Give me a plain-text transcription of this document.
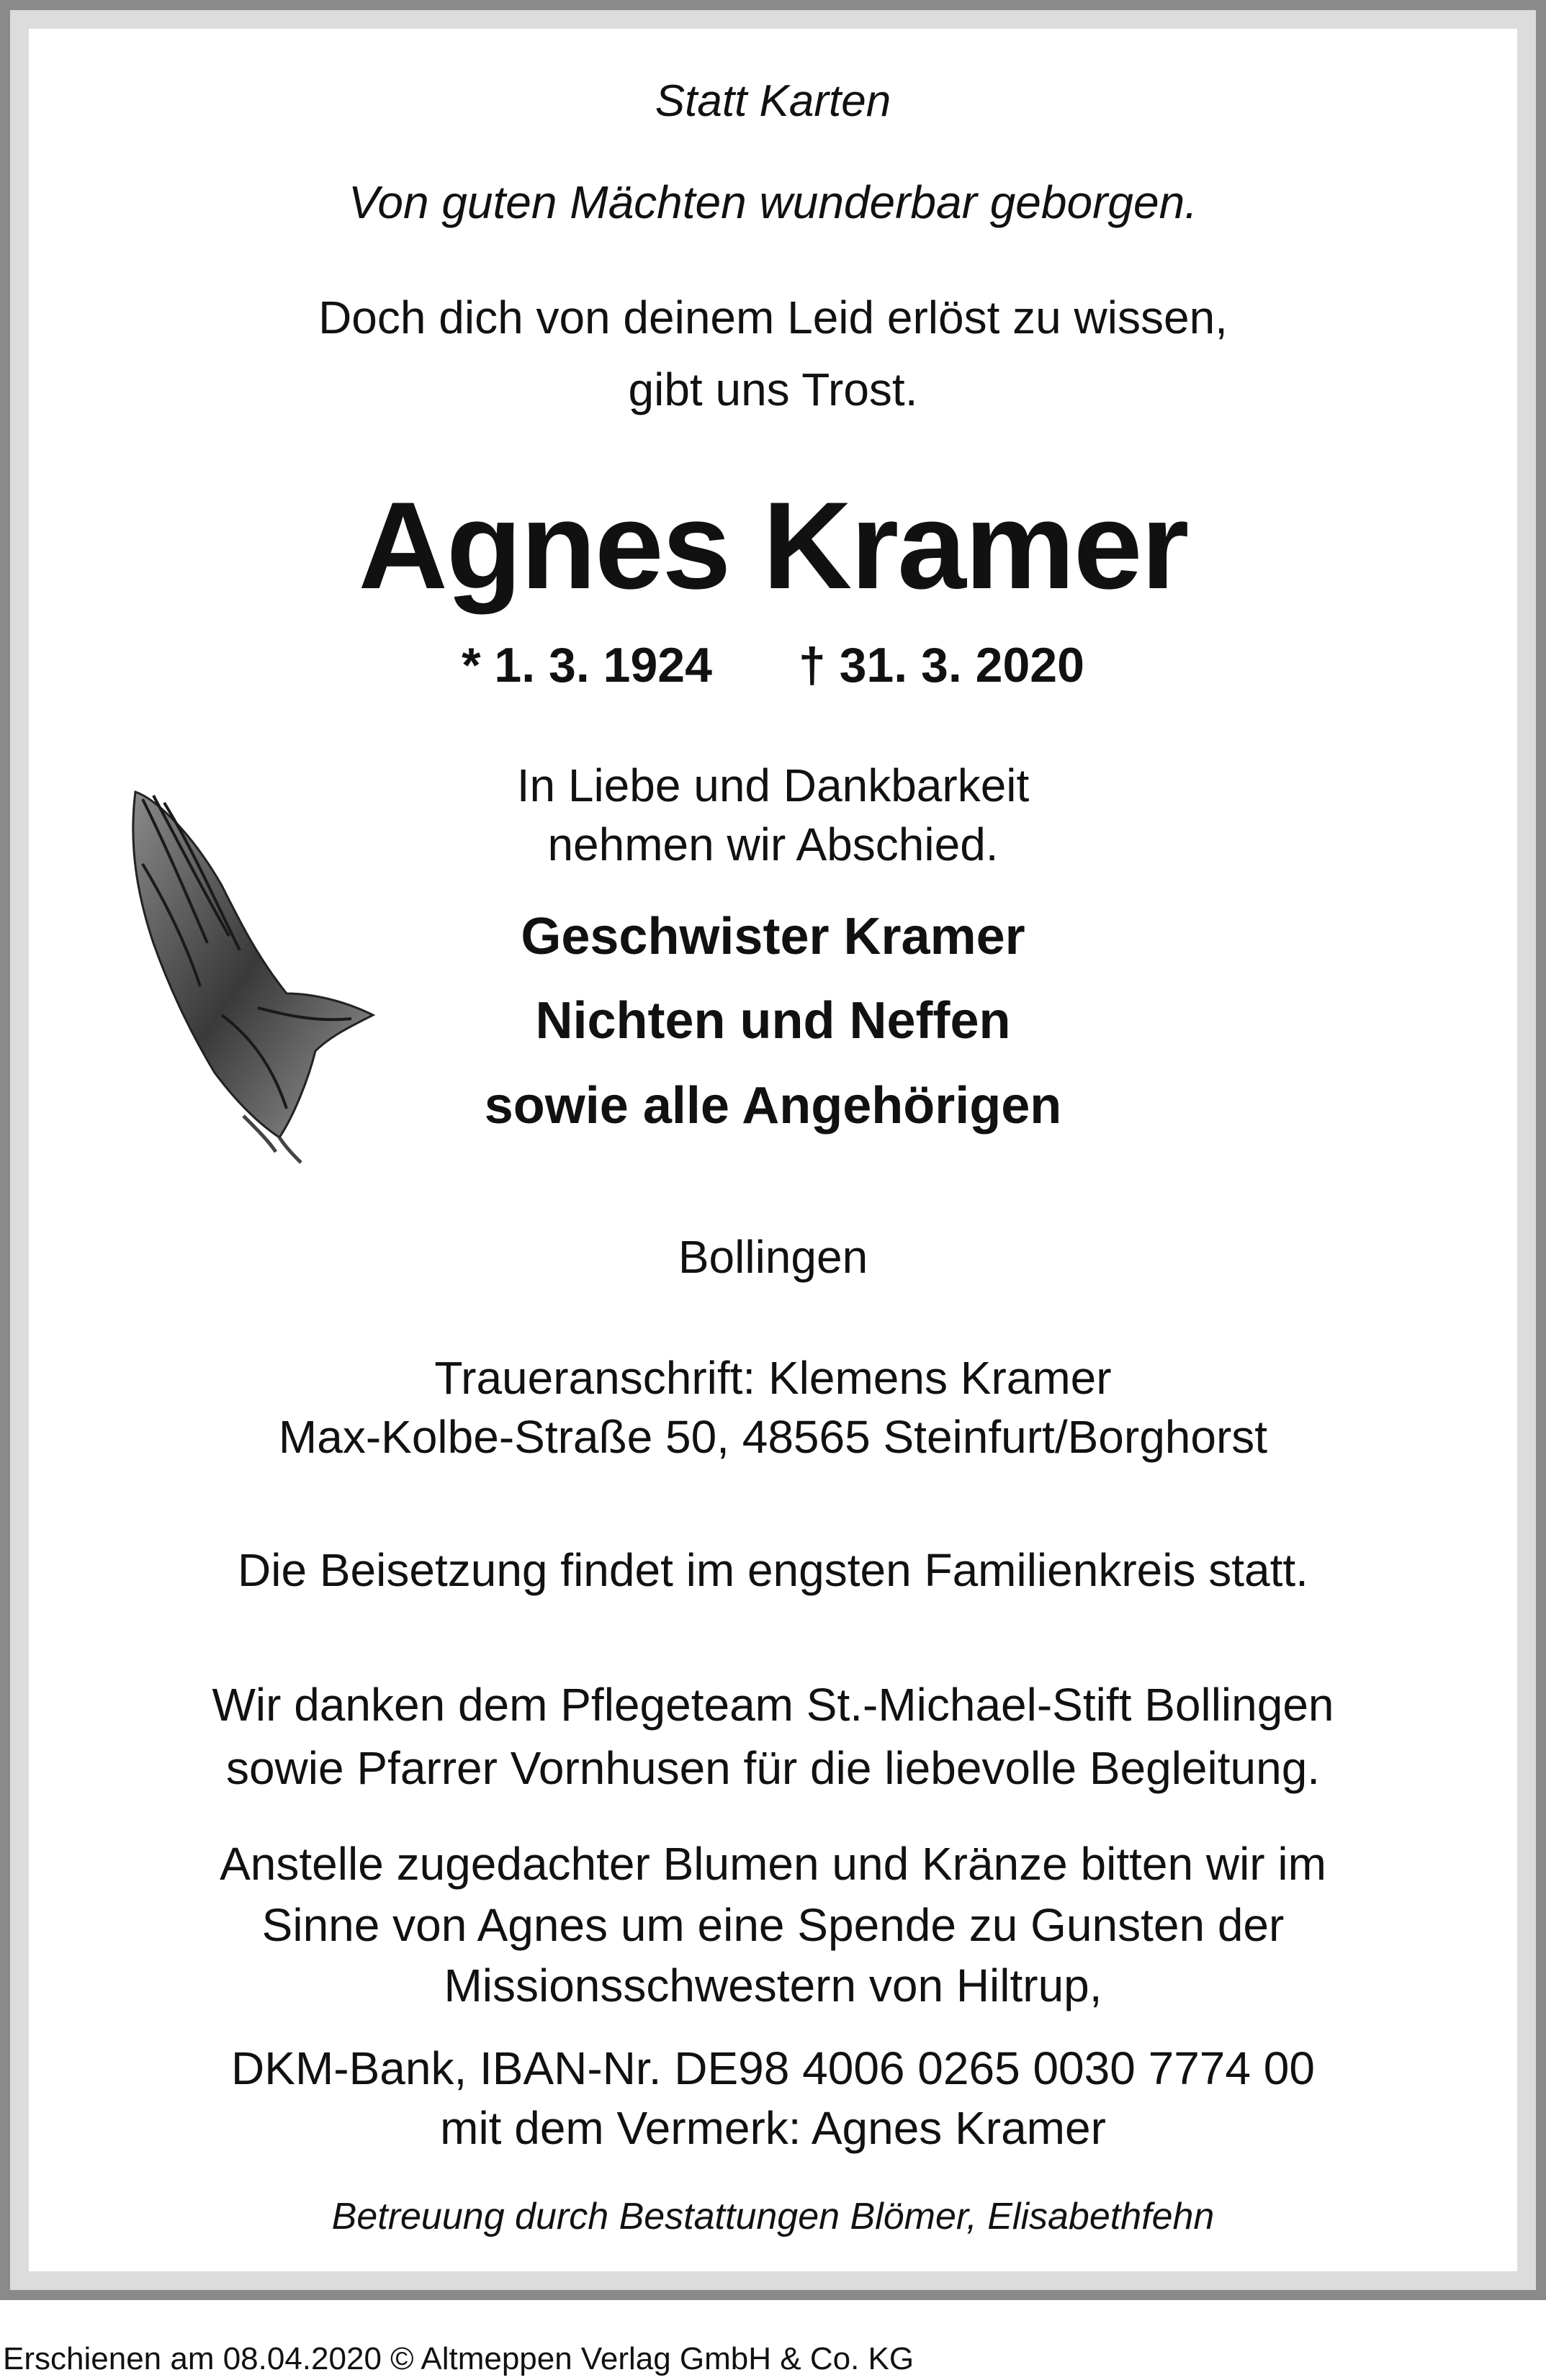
Statt Karten
Von guten Mächten wunderbar geborgen.
Doch dich von deinem Leid erlöst zu wissen,
gibt uns Trost.
Agnes Kramer
* 1. 3. 1924 † 31. 3. 2020
In Liebe und Dankbarkeit
nehmen wir Abschied.
Geschwister Kramer
Nichten und Neffen
sowie alle Angehörigen
Bollingen
Traueranschrift: Klemens Kramer
Max-Kolbe-Straße 50, 48565 Steinfurt/Borghorst
Die Beisetzung findet im engsten Familienkreis statt.
Wir danken dem Pflegeteam St.-Michael-Stift Bollingen
sowie Pfarrer Vornhusen für die liebevolle Begleitung.
Anstelle zugedachter Blumen und Kränze bitten wir im
Sinne von Agnes um eine Spende zu Gunsten der
Missionsschwestern von Hiltrup,
DKM-Bank, IBAN-Nr. DE98 4006 0265 0030 7774 00
mit dem Vermerk: Agnes Kramer
Betreuung durch Bestattungen Blömer, Elisabethfehn
Erschienen am 08.04.2020 © Altmeppen Verlag GmbH & Co. KG
